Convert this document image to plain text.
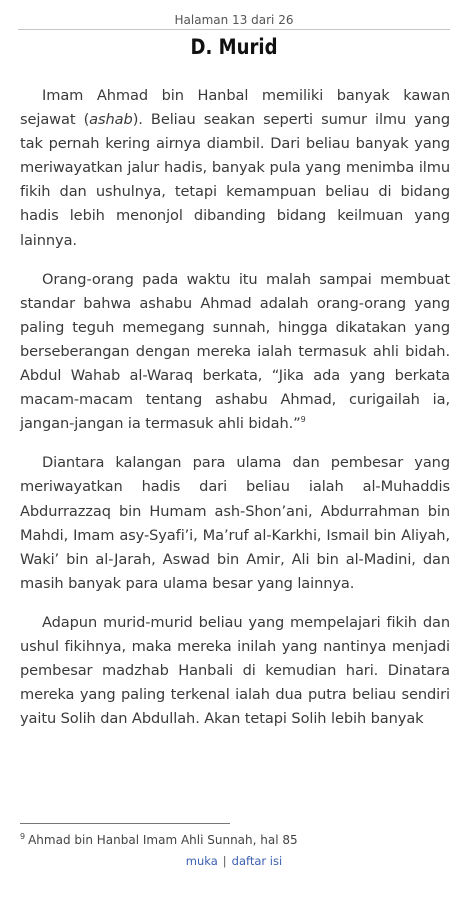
Halaman 13 dari 26
D. Murid

Imam Ahmad bin Hanbal memiliki banyak kawan sejawat (ashab). Beliau seakan seperti sumur ilmu yang tak pernah kering airnya diambil. Dari beliau banyak yang meriwayatkan jalur hadis, banyak pula yang menimba ilmu fikih dan ushulnya, tetapi kemampuan beliau di bidang hadis lebih menonjol dibanding bidang keilmuan yang lainnya.

Orang-orang pada waktu itu malah sampai membuat standar bahwa ashabu Ahmad adalah orang-orang yang paling teguh memegang sunnah, hingga dikatakan yang berseberangan dengan mereka ialah termasuk ahli bidah. Abdul Wahab al-Waraq berkata, “Jika ada yang berkata macam-macam tentang ashabu Ahmad, curigailah ia, jangan-jangan ia termasuk ahli bidah.”$^9$

Diantara kalangan para ulama dan pembesar yang meriwayatkan hadis dari beliau ialah al-Muhaddis Abdurrazzaq bin Humam ash-Shon’ani, Abdurrahman bin Mahdi, Imam asy-Syafi’i, Ma’ruf al-Karkhi, Ismail bin Aliyah, Waki’ bin al-Jarah, Aswad bin Amir, Ali bin al-Madini, dan masih banyak para ulama besar yang lainnya.

Adapun murid-murid beliau yang mempelajari fikih dan ushul fikihnya, maka mereka inilah yang nantinya menjadi pembesar madzhab Hanbali di kemudian hari. Dinatara mereka yang paling terkenal ialah dua putra beliau sendiri yaitu Solih dan Abdullah. Akan tetapi Solih lebih banyak

$^9$ Ahmad bin Hanbal Imam Ahli Sunnah, hal 85
muka | daftar isi
